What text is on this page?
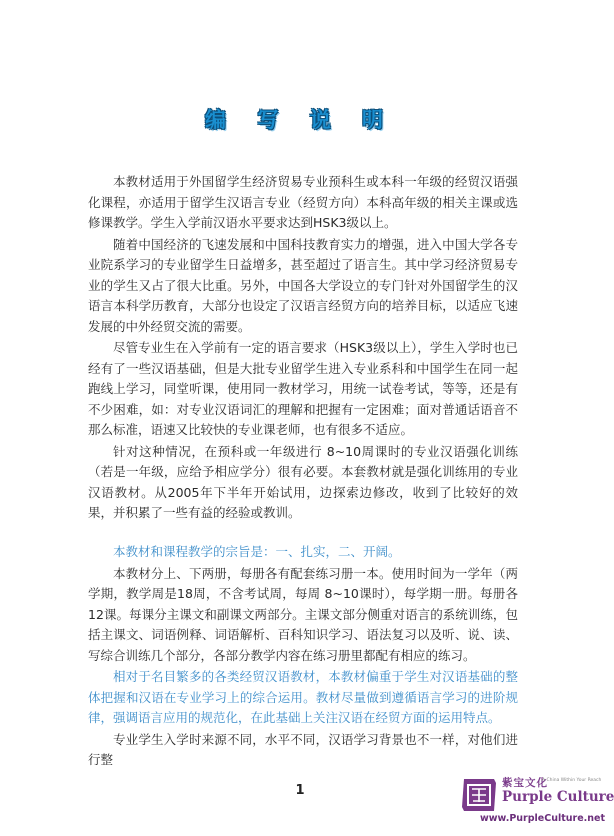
编 写 说 明

本教材适用于外国留学生经济贸易专业预科生或本科一年级的经贸汉语强化课程，亦适用于留学生汉语言专业（经贸方向）本科高年级的相关主课或选修课教学。学生入学前汉语水平要求达到HSK3级以上。

随着中国经济的飞速发展和中国科技教育实力的增强，进入中国大学各专业院系学习的专业留学生日益增多，甚至超过了语言生。其中学习经济贸易专业的学生又占了很大比重。另外，中国各大学设立的专门针对外国留学生的汉语言本科学历教育，大部分也设定了汉语言经贸方向的培养目标，以适应飞速发展的中外经贸交流的需要。

尽管专业生在入学前有一定的语言要求（HSK3级以上），学生入学时也已经有了一些汉语基础，但是大批专业留学生进入专业系科和中国学生在同一起跑线上学习，同堂听课，使用同一教材学习，用统一试卷考试，等等，还是有不少困难，如：对专业汉语词汇的理解和把握有一定困难；面对普通话语音不那么标准，语速又比较快的专业课老师，也有很多不适应。

针对这种情况，在预科或一年级进行 8~10周课时的专业汉语强化训练（若是一年级，应给予相应学分）很有必要。本套教材就是强化训练用的专业汉语教材。从2005年下半年开始试用，边探索边修改，收到了比较好的效果，并积累了一些有益的经验或教训。

本教材和课程教学的宗旨是：一、扎实，二、开阔。

本教材分上、下两册，每册各有配套练习册一本。使用时间为一学年（两学期，教学周是18周，不含考试周，每周 8~10课时），每学期一册。每册各12课。每课分主课文和副课文两部分。主课文部分侧重对语言的系统训练，包括主课文、词语例释、词语解析、百科知识学习、语法复习以及听、说、读、写综合训练几个部分，各部分教学内容在练习册里都配有相应的练习。

相对于名目繁多的各类经贸汉语教材，本教材偏重于学生对汉语基础的整体把握和汉语在专业学习上的综合运用。教材尽量做到遵循语言学习的进阶规律，强调语言应用的规范化，在此基础上关注汉语在经贸方面的运用特点。

专业学生入学时来源不同，水平不同，汉语学习背景也不一样，对他们进行整

1	紫宝文化
A China Within Your Reach
Purple Culture
www.PurpleCulture.net
